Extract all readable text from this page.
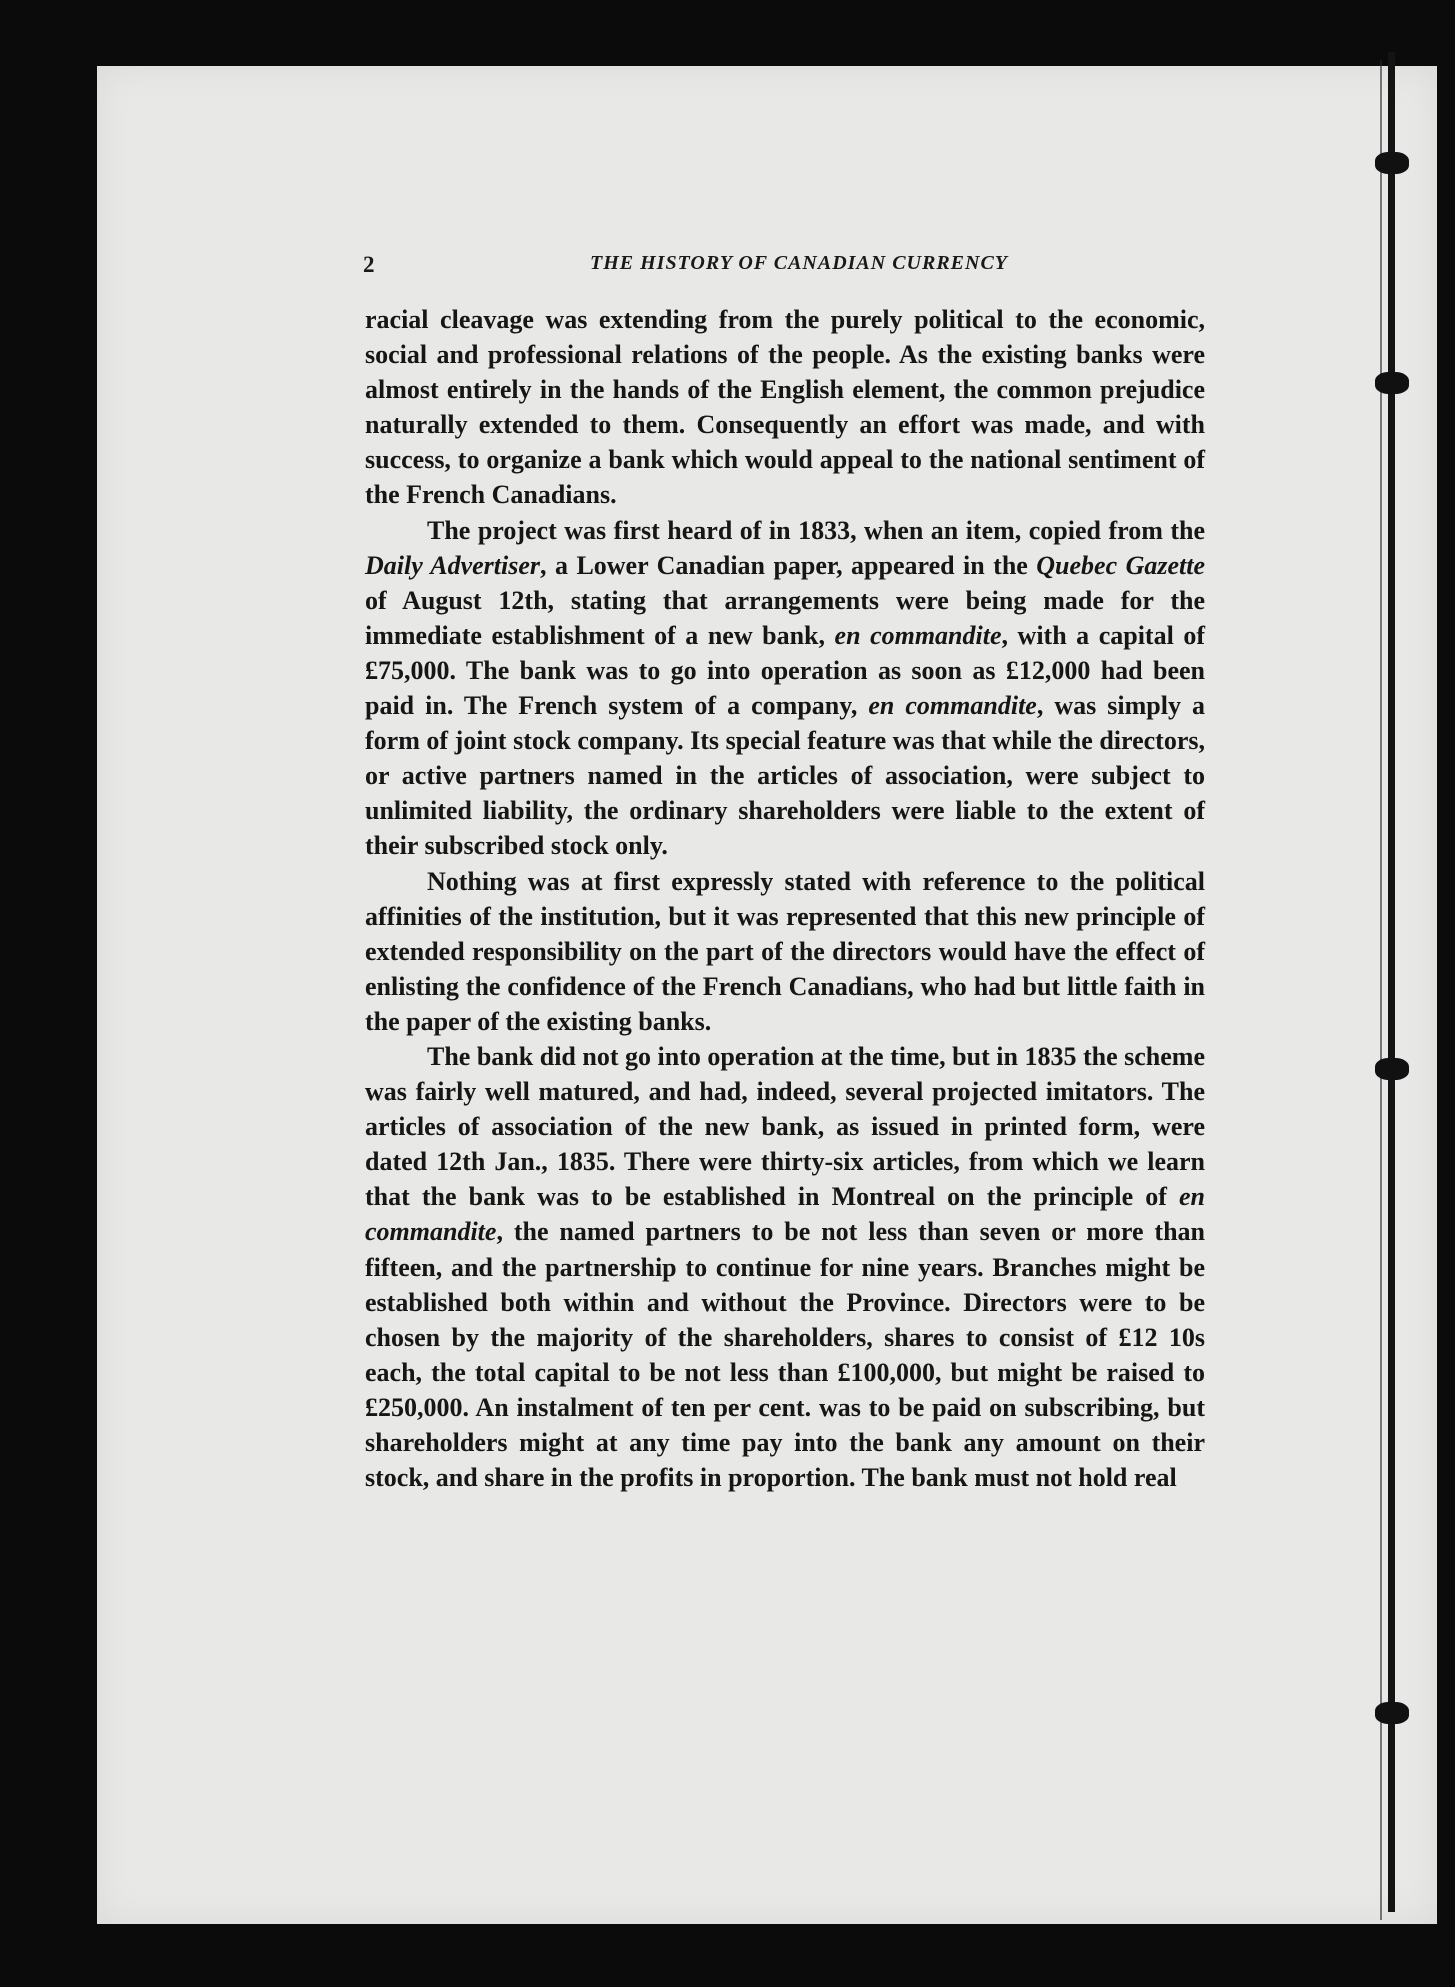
2	THE HISTORY OF CANADIAN CURRENCY

racial cleavage was extending from the purely political to the economic, social and professional relations of the people. As the existing banks were almost entirely in the hands of the English element, the common prejudice naturally extended to them. Consequently an effort was made, and with success, to organize a bank which would appeal to the national sentiment of the French Canadians.

The project was first heard of in 1833, when an item, copied from the Daily Advertiser, a Lower Canadian paper, appeared in the Quebec Gazette of August 12th, stating that arrangements were being made for the immediate establishment of a new bank, en commandite, with a capital of £75,000. The bank was to go into operation as soon as £12,000 had been paid in. The French system of a company, en commandite, was simply a form of joint stock company. Its special feature was that while the directors, or active partners named in the articles of association, were subject to unlimited liability, the ordinary shareholders were liable to the extent of their subscribed stock only.

Nothing was at first expressly stated with reference to the political affinities of the institution, but it was represented that this new principle of extended responsibility on the part of the directors would have the effect of enlisting the confidence of the French Canadians, who had but little faith in the paper of the existing banks.

The bank did not go into operation at the time, but in 1835 the scheme was fairly well matured, and had, indeed, several projected imitators. The articles of association of the new bank, as issued in printed form, were dated 12th Jan., 1835. There were thirty-six articles, from which we learn that the bank was to be established in Montreal on the principle of en commandite, the named partners to be not less than seven or more than fifteen, and the partnership to continue for nine years. Branches might be established both within and without the Province. Directors were to be chosen by the majority of the shareholders, shares to consist of £12 10s each, the total capital to be not less than £100,000, but might be raised to £250,000. An instalment of ten per cent. was to be paid on subscribing, but shareholders might at any time pay into the bank any amount on their stock, and share in the profits in proportion. The bank must not hold real
